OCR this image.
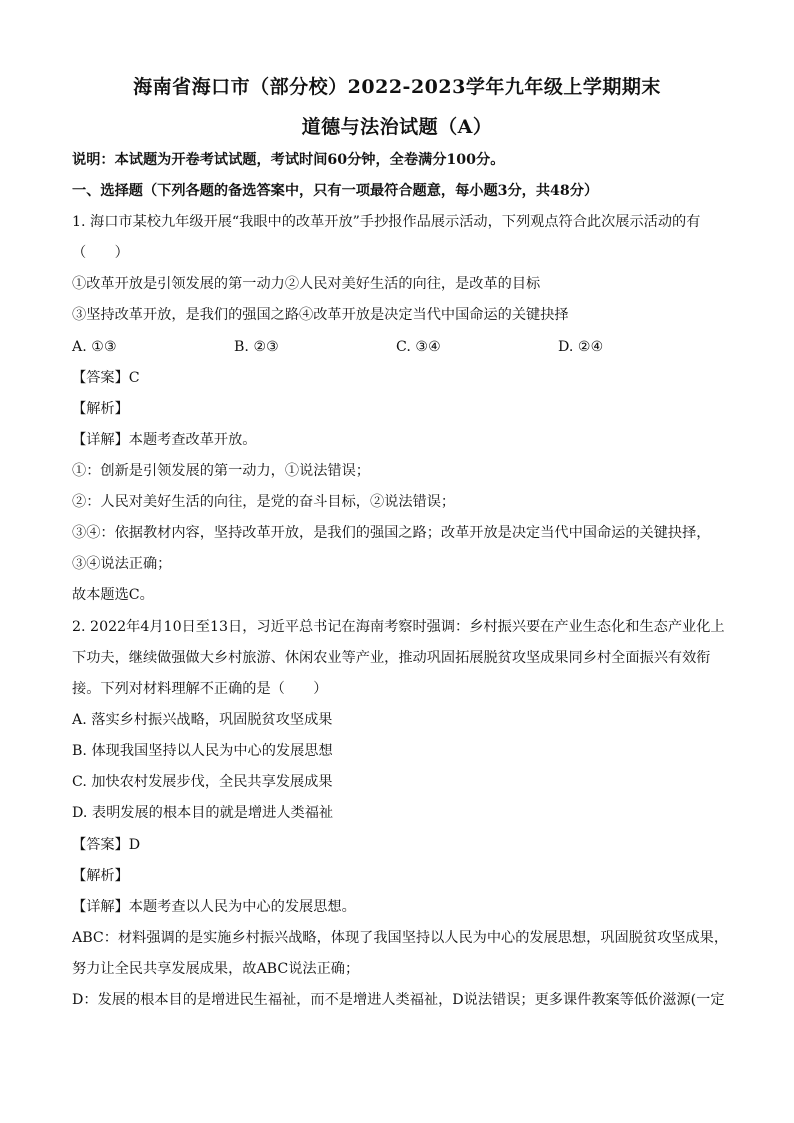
海南省海口市（部分校）2022-2023学年九年级上学期期末
道德与法治试题（A）
说明：本试题为开卷考试试题，考试时间60分钟，全卷满分100分。
一、选择题（下列各题的备选答案中，只有一项最符合题意，每小题3分，共48分）
1. 海口市某校九年级开展“我眼中的改革开放”手抄报作品展示活动，下列观点符合此次展示活动的有
（　　）
①改革开放是引领发展的第一动力②人民对美好生活的向往，是改革的目标
③坚持改革开放，是我们的强国之路④改革开放是决定当代中国命运的关键抉择
A. ①③	B. ②③	C. ③④	D. ②④
【答案】C
【解析】
【详解】本题考查改革开放。
①：创新是引领发展的第一动力，①说法错误；
②：人民对美好生活的向往，是党的奋斗目标，②说法错误；
③④：依据教材内容，坚持改革开放，是我们的强国之路；改革开放是决定当代中国命运的关键抉择，
③④说法正确；
故本题选C。
2. 2022年4月10日至13日，习近平总书记在海南考察时强调：乡村振兴要在产业生态化和生态产业化上
下功夫，继续做强做大乡村旅游、休闲农业等产业，推动巩固拓展脱贫攻坚成果同乡村全面振兴有效衔
接。下列对材料理解不正确的是（　　）
A. 落实乡村振兴战略，巩固脱贫攻坚成果
B. 体现我国坚持以人民为中心的发展思想
C. 加快农村发展步伐，全民共享发展成果
D. 表明发展的根本目的就是增进人类福祉
【答案】D
【解析】
【详解】本题考查以人民为中心的发展思想。
ABC：材料强调的是实施乡村振兴战略，体现了我国坚持以人民为中心的发展思想，巩固脱贫攻坚成果，
努力让全民共享发展成果，故ABC说法正确；
D：发展的根本目的是增进民生福祉，而不是增进人类福祉，D说法错误；更多课件教案等低价滋源(一定
